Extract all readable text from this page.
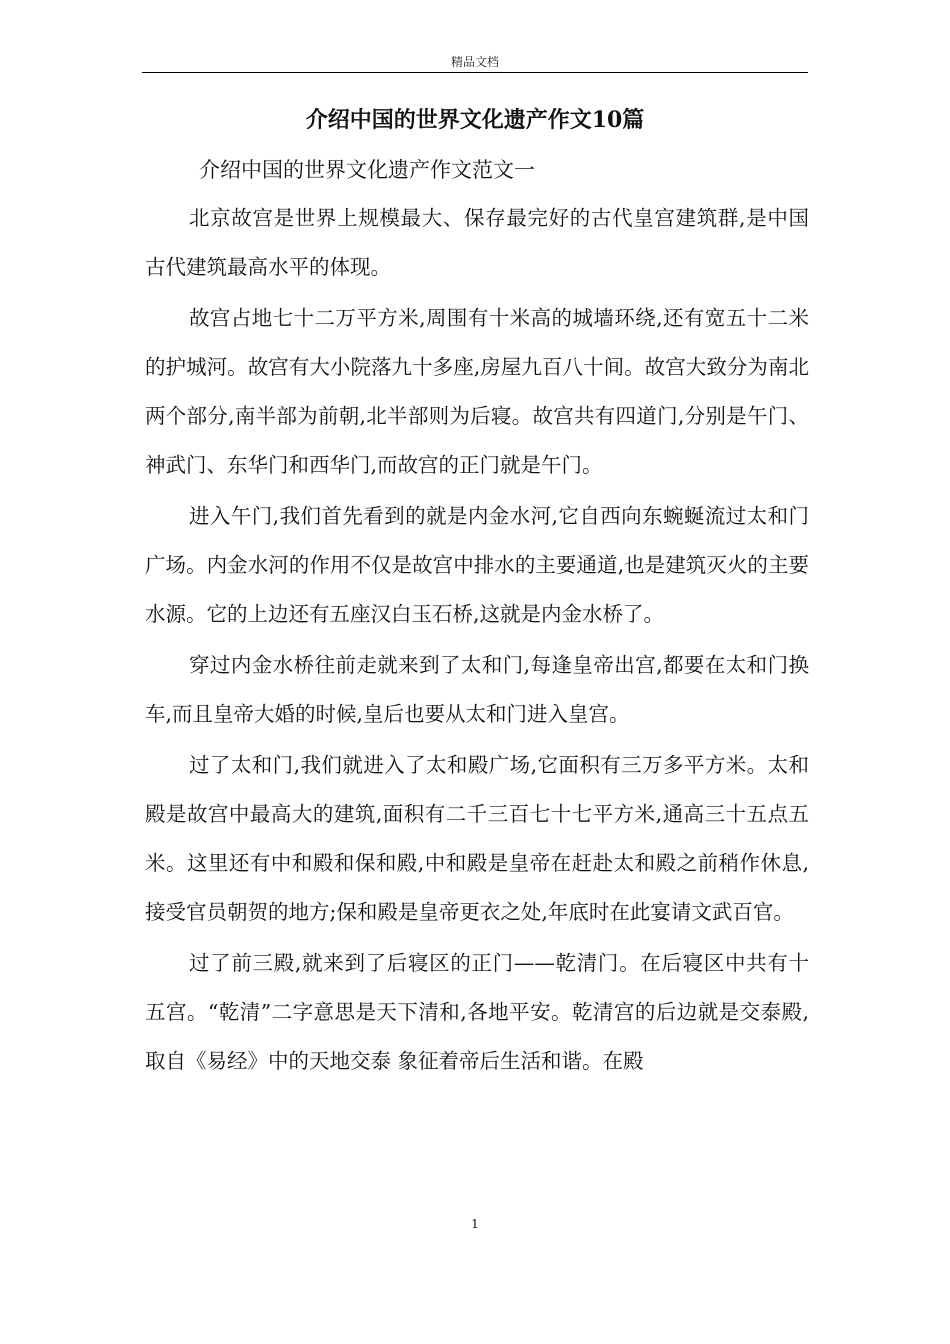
精品文档
介绍中国的世界文化遗产作文10篇

介绍中国的世界文化遗产作文范文一

北京故宫是世界上规模最大、保存最完好的古代皇宫建筑群,是中国古代建筑最高水平的体现。

故宫占地七十二万平方米,周围有十米高的城墙环绕,还有宽五十二米的护城河。故宫有大小院落九十多座,房屋九百八十间。故宫大致分为南北两个部分,南半部为前朝,北半部则为后寝。故宫共有四道门,分别是午门、神武门、东华门和西华门,而故宫的正门就是午门。

进入午门,我们首先看到的就是内金水河,它自西向东蜿蜒流过太和门广场。内金水河的作用不仅是故宫中排水的主要通道,也是建筑灭火的主要水源。它的上边还有五座汉白玉石桥,这就是内金水桥了。

穿过内金水桥往前走就来到了太和门,每逢皇帝出宫,都要在太和门换车,而且皇帝大婚的时候,皇后也要从太和门进入皇宫。

过了太和门,我们就进入了太和殿广场,它面积有三万多平方米。太和殿是故宫中最高大的建筑,面积有二千三百七十七平方米,通高三十五点五米。这里还有中和殿和保和殿,中和殿是皇帝在赶赴太和殿之前稍作休息,接受官员朝贺的地方;保和殿是皇帝更衣之处,年底时在此宴请文武百官。

过了前三殿,就来到了后寝区的正门——乾清门。在后寝区中共有十五宫。“乾清”二字意思是天下清和,各地平安。乾清宫的后边就是交泰殿,取自《易经》中的天地交泰 象征着帝后生活和谐。在殿

1
